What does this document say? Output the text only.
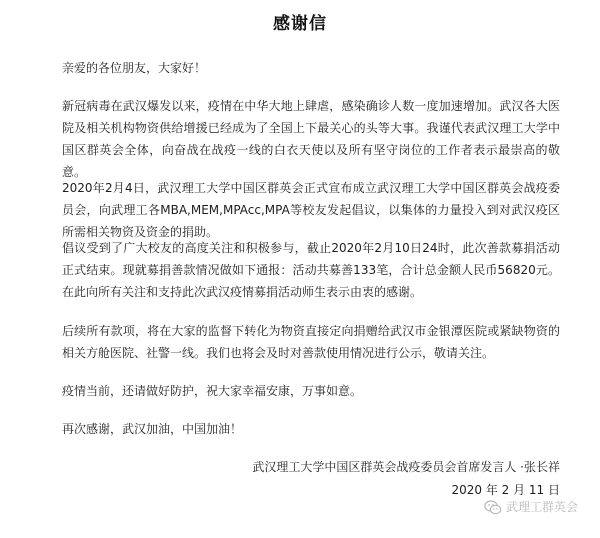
感谢信

亲爱的各位朋友，大家好！

新冠病毒在武汉爆发以来，疫情在中华大地上肆虐，感染确诊人数一度加速增加。武汉各大医院及相关机构物资供给增援已经成为了全国上下最关心的头等大事。我谨代表武汉理工大学中国区群英会全体，向奋战在战疫一线的白衣天使以及所有坚守岗位的工作者表示最崇高的敬意。

2020年2月4日，武汉理工大学中国区群英会正式宣布成立武汉理工大学中国区群英会战疫委员会，向武理工各MBA,MEM,MPAcc,MPA等校友发起倡议，以集体的力量投入到对武汉疫区所需相关物资及资金的捐助。

倡议受到了广大校友的高度关注和积极参与，截止2020年2月10日24时，此次善款募捐活动正式结束。现就募捐善款情况做如下通报：活动共募善133笔，合计总金额人民币56820元。在此向所有关注和支持此次武汉疫情募捐活动师生表示由衷的感谢。

后续所有款项，将在大家的监督下转化为物资直接定向捐赠给武汉市金银潭医院或紧缺物资的相关方舱医院、社警一线。我们也将会及时对善款使用情况进行公示，敬请关注。

疫情当前，还请做好防护，祝大家幸福安康，万事如意。

再次感谢，武汉加油，中国加油！

武汉理工大学中国区群英会战疫委员会首席发言人 ·张长祥
2020 年 2 月 11 日
武理工群英会
